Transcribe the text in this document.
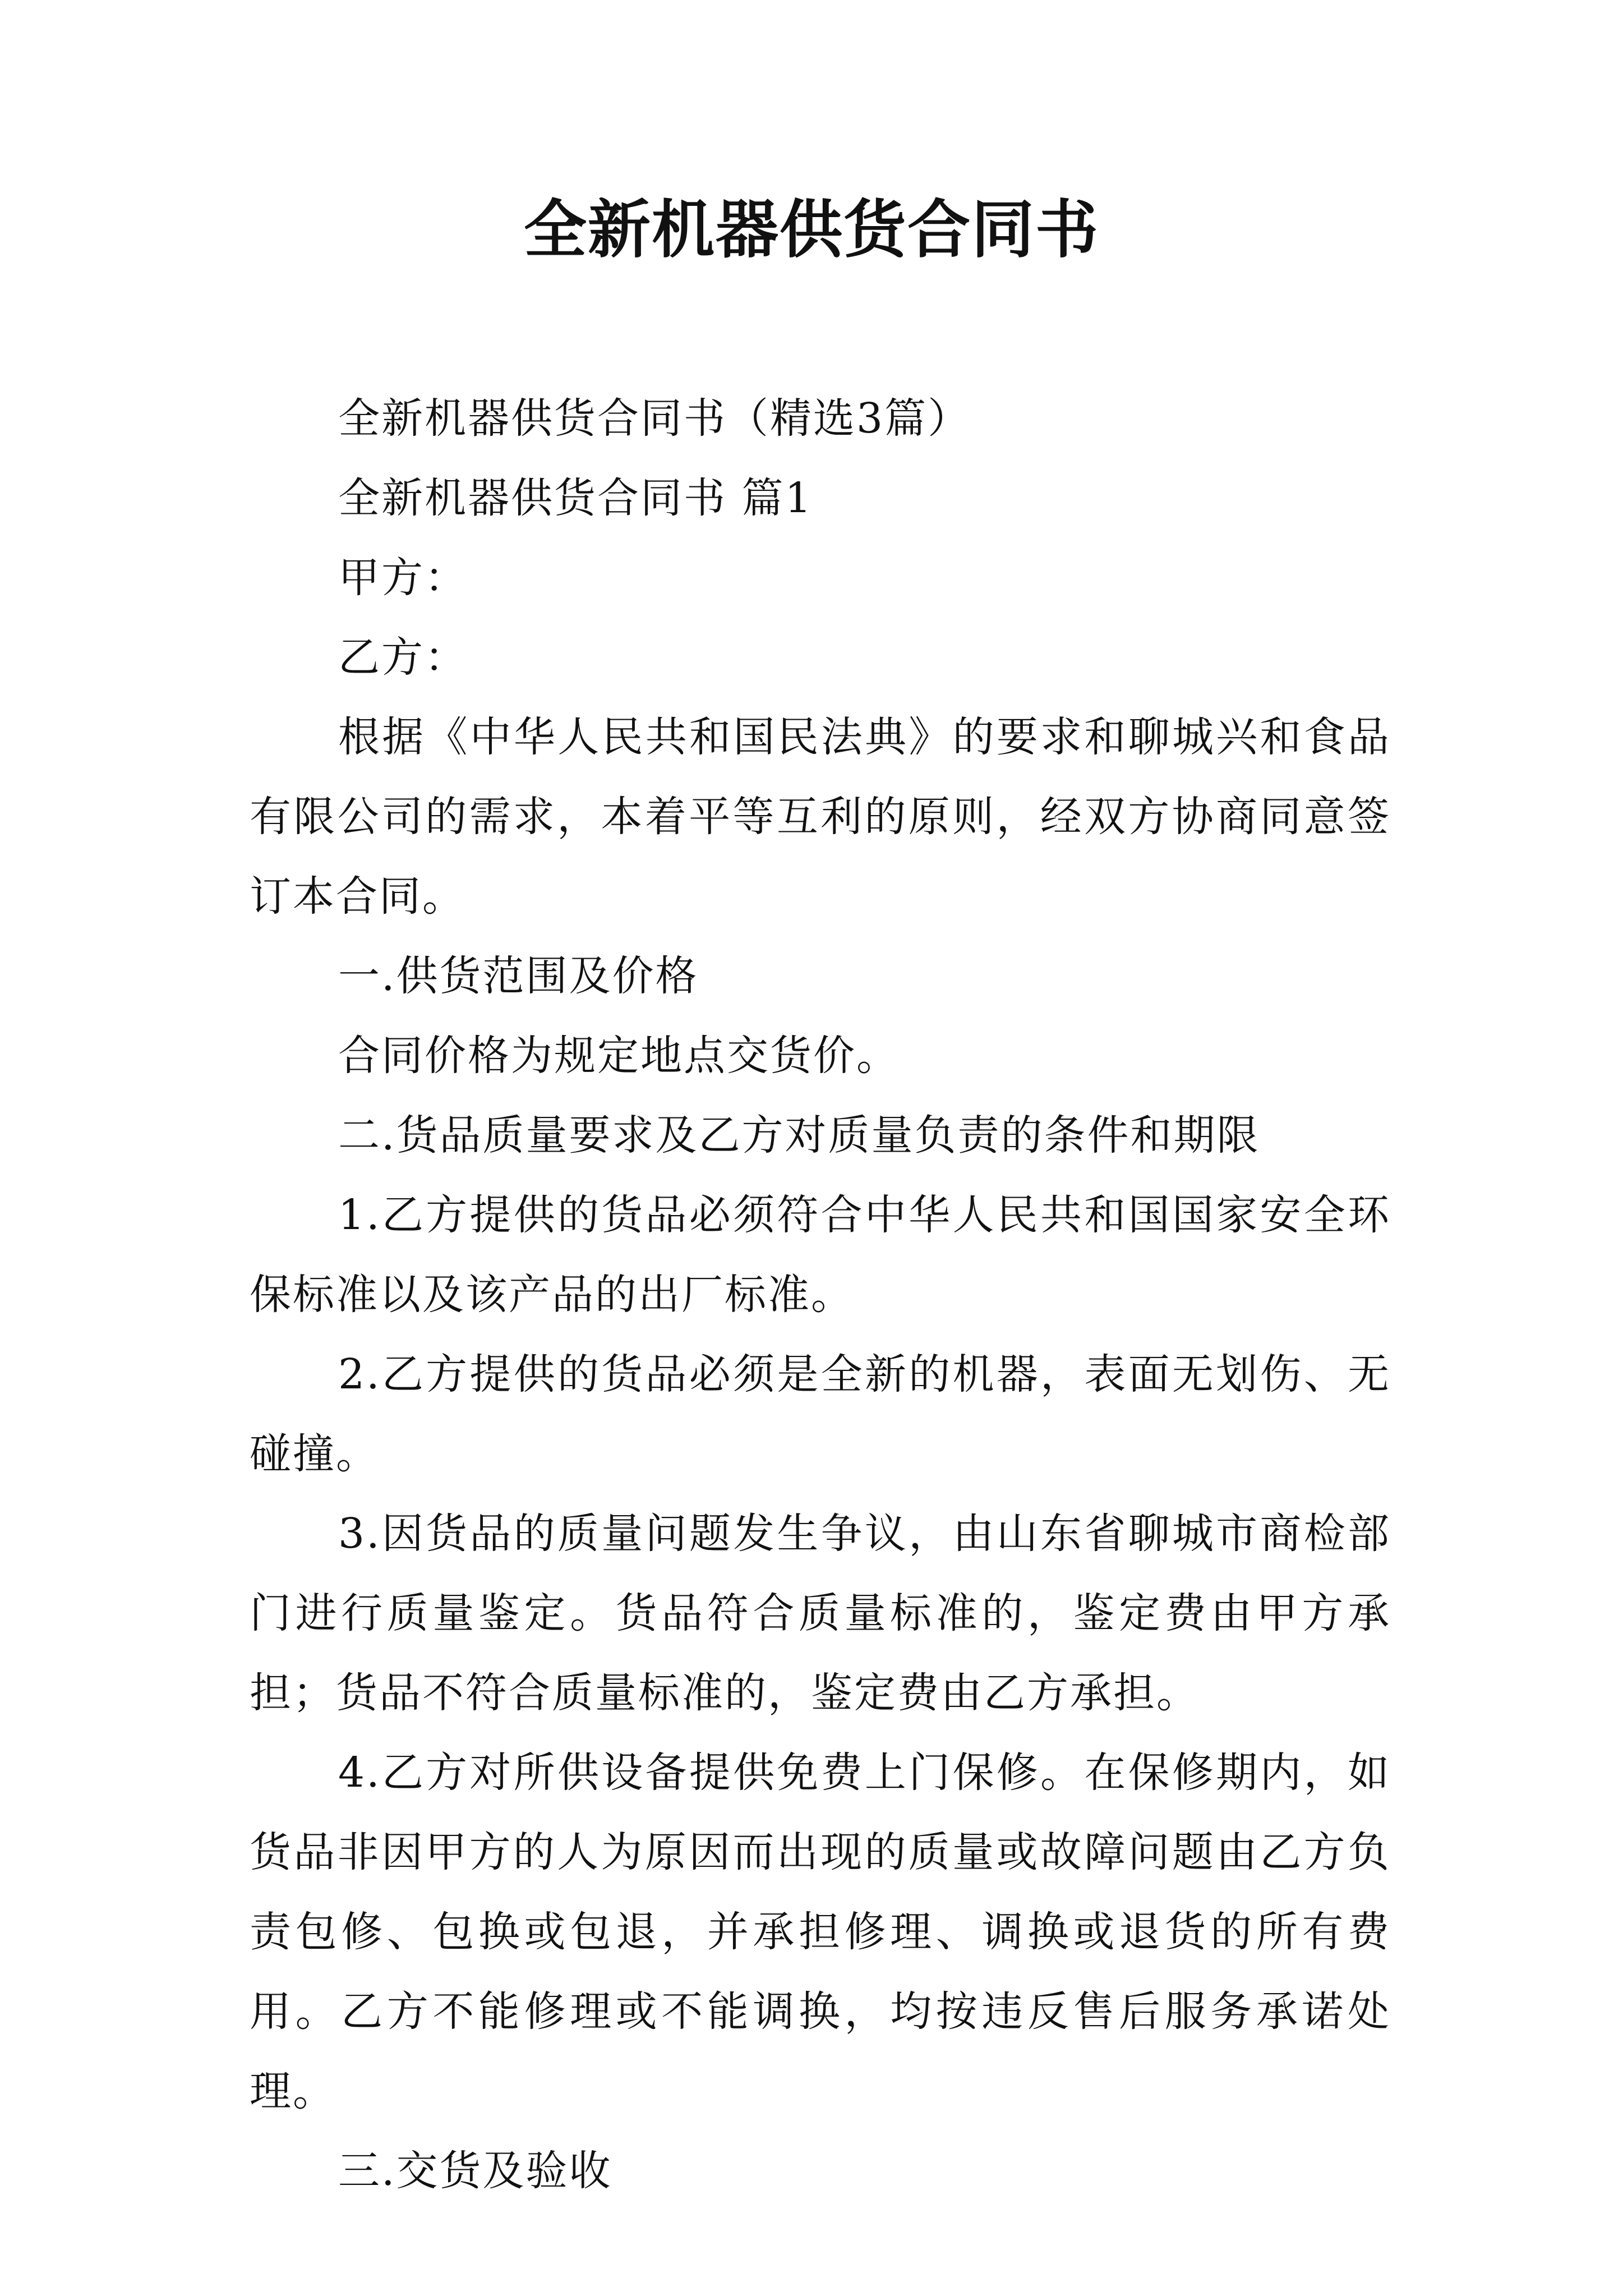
全新机器供货合同书

全新机器供货合同书（精选3篇）

全新机器供货合同书 篇1

甲方：

乙方：

根据《中华人民共和国民法典》的要求和聊城兴和食品有限公司的需求，本着平等互利的原则，经双方协商同意签订本合同。

一.供货范围及价格

合同价格为规定地点交货价。

二.货品质量要求及乙方对质量负责的条件和期限

1.乙方提供的货品必须符合中华人民共和国国家安全环保标准以及该产品的出厂标准。

2.乙方提供的货品必须是全新的机器，表面无划伤、无碰撞。

3.因货品的质量问题发生争议，由山东省聊城市商检部门进行质量鉴定。货品符合质量标准的，鉴定费由甲方承担；货品不符合质量标准的，鉴定费由乙方承担。

4.乙方对所供设备提供免费上门保修。在保修期内，如货品非因甲方的人为原因而出现的质量或故障问题由乙方负责包修、包换或包退，并承担修理、调换或退货的所有费用。乙方不能修理或不能调换，均按违反售后服务承诺处理。

三.交货及验收
